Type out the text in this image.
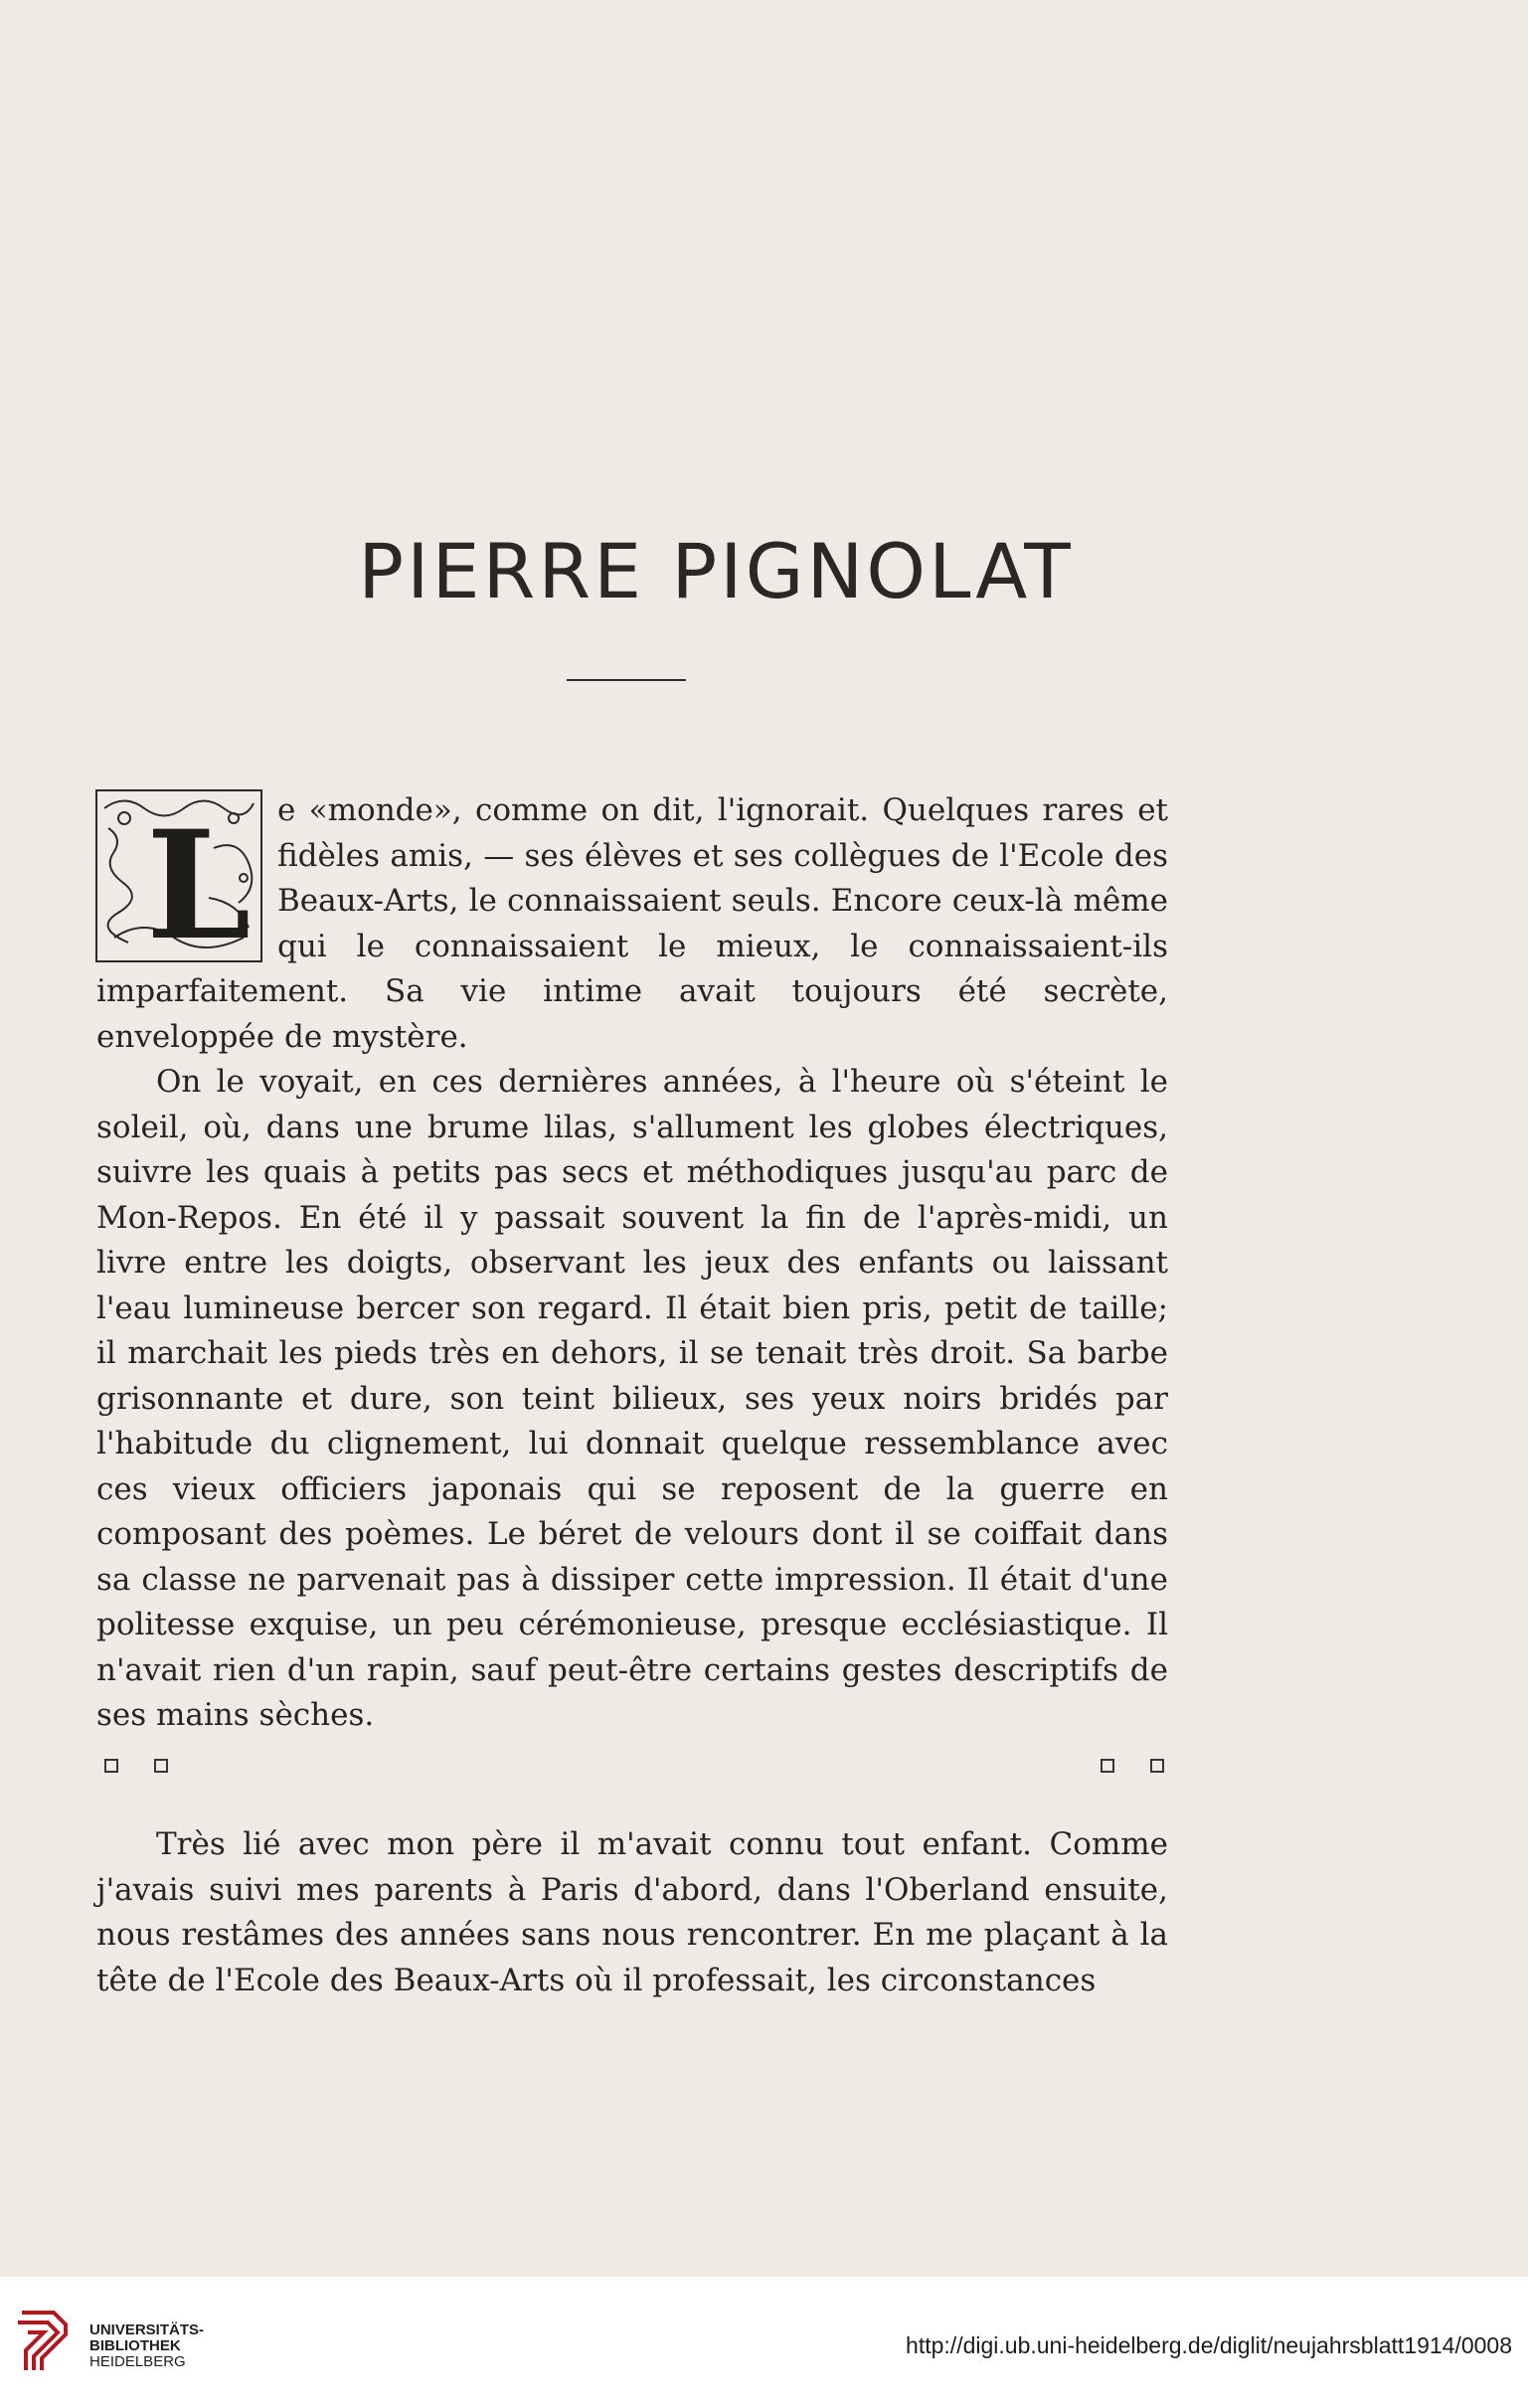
PIERRE PIGNOLAT
L e «monde», comme on dit, l'ignorait. Quelques rares et fidèles amis, — ses élèves et ses collègues de l'Ecole des Beaux-Arts, le connaissaient seuls. Encore ceux-là même qui le connaissaient le mieux, le connaissaient-ils imparfaitement. Sa vie intime avait toujours été secrète, enveloppée de mystère.
On le voyait, en ces dernières années, à l'heure où s'éteint le soleil, où, dans une brume lilas, s'allument les globes électriques, suivre les quais à petits pas secs et méthodiques jusqu'au parc de Mon-Repos. En été il y passait souvent la fin de l'après-midi, un livre entre les doigts, observant les jeux des enfants ou laissant l'eau lumineuse bercer son regard. Il était bien pris, petit de taille; il marchait les pieds très en dehors, il se tenait très droit. Sa barbe grisonnante et dure, son teint bilieux, ses yeux noirs bridés par l'habitude du clignement, lui donnait quelque ressemblance avec ces vieux officiers japonais qui se reposent de la guerre en composant des poèmes. Le béret de velours dont il se coiffait dans sa classe ne parvenait pas à dissiper cette impression. Il était d'une politesse exquise, un peu cérémonieuse, presque ecclésiastique. Il n'avait rien d'un rapin, sauf peut-être certains gestes descriptifs de ses mains sèches.
Très lié avec mon père il m'avait connu tout enfant. Comme j'avais suivi mes parents à Paris d'abord, dans l'Oberland ensuite, nous restâmes des années sans nous rencontrer. En me plaçant à la tête de l'Ecole des Beaux-Arts où il professait, les circonstances
UNIVERSITÄTS-
BIBLIOTHEK
HEIDELBERG
http://digi.ub.uni-heidelberg.de/diglit/neujahrsblatt1914/0008
